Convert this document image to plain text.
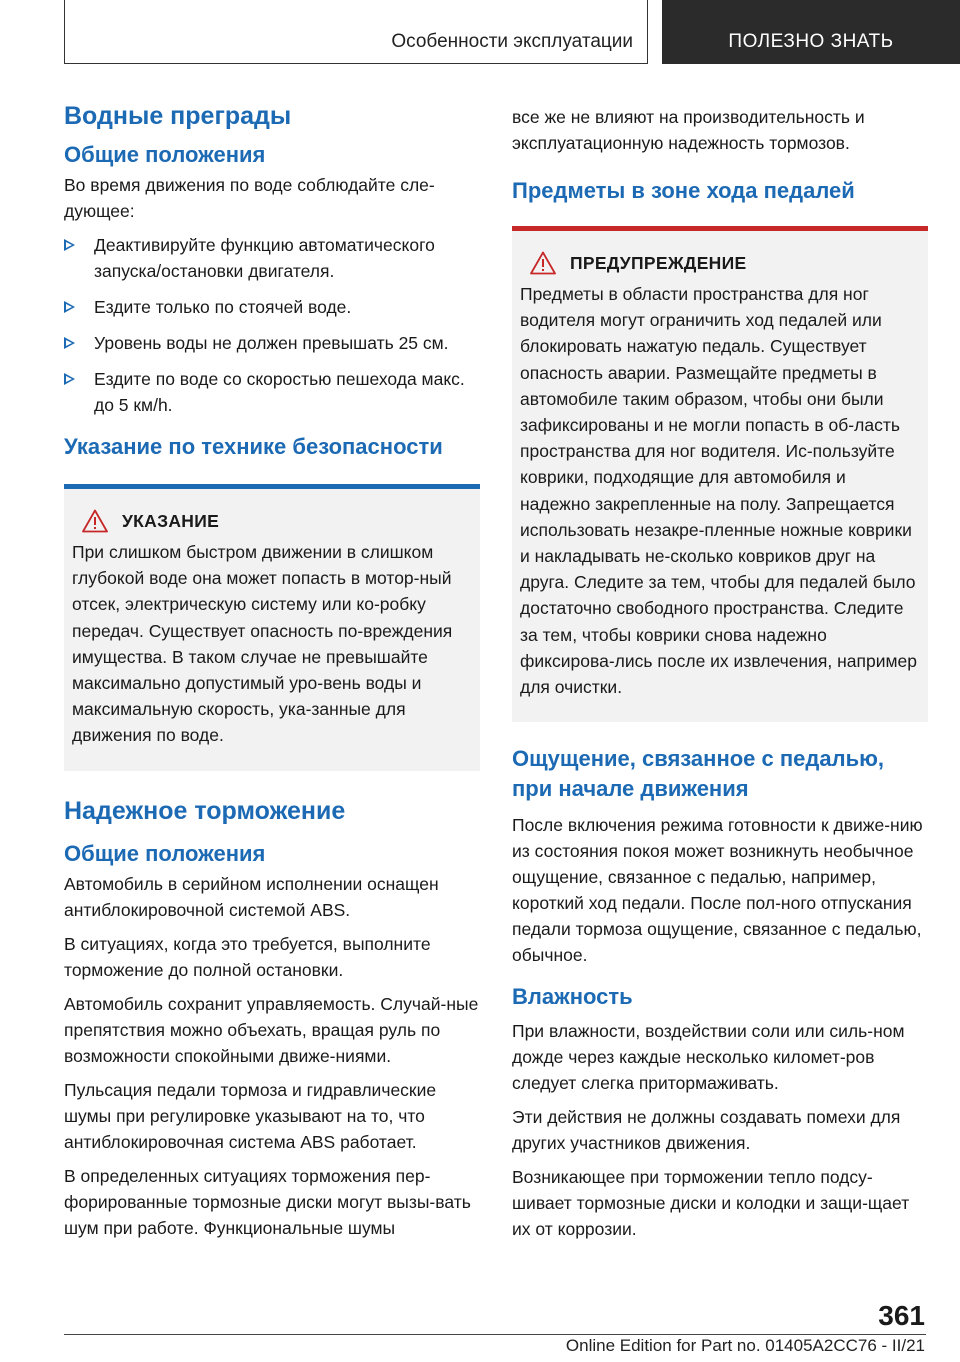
Особенности эксплуатации	ПОЛЕЗНО ЗНАТЬ
Водные преграды
Общие положения

Во время движения по воде соблюдайте сле-дующее:

Деактивируйте функцию автоматического запуска/остановки двигателя.
Ездите только по стоячей воде.
Уровень воды не должен превышать 25 см.
Ездите по воде со скоростью пешехода макс. до 5 км/h.
Указание по технике безопасности
УКАЗАНИЕ

При слишком быстром движении в слишком глубокой воде она может попасть в мотор-ный отсек, электрическую систему или ко-робку передач. Существует опасность по-вреждения имущества. В таком случае не превышайте максимально допустимый уро-вень воды и максимальную скорость, ука-занные для движения по воде.

Надежное торможение
Общие положения

Автомобиль в серийном исполнении оснащен антиблокировочной системой ABS.

В ситуациях, когда это требуется, выполните торможение до полной остановки.

Автомобиль сохранит управляемость. Случай-ные препятствия можно объехать, вращая руль по возможности спокойными движе-ниями.

Пульсация педали тормоза и гидравлические шумы при регулировке указывают на то, что антиблокировочная система ABS работает.

В определенных ситуациях торможения пер-форированные тормозные диски могут вызы-вать шум при работе. Функциональные шумы

все же не влияют на производительность и эксплуатационную надежность тормозов.

Предметы в зоне хода педалей
ПРЕДУПРЕЖДЕНИЕ

Предметы в области пространства для ног водителя могут ограничить ход педалей или блокировать нажатую педаль. Существует опасность аварии. Размещайте предметы в автомобиле таким образом, чтобы они были зафиксированы и не могли попасть в об-ласть пространства для ног водителя. Ис-пользуйте коврики, подходящие для автомобиля и надежно закрепленные на полу. Запрещается использовать незакре-пленные ножные коврики и накладывать не-сколько ковриков друг на друга. Следите за тем, чтобы для педалей было достаточно свободного пространства. Следите за тем, чтобы коврики снова надежно фиксирова-лись после их извлечения, например для очистки.

Ощущение, связанное с педалью, при начале движения

После включения режима готовности к движе-нию из состояния покоя может возникнуть необычное ощущение, связанное с педалью, например, короткий ход педали. После пол-ного отпускания педали тормоза ощущение, связанное с педалью, обычное.

Влажность

При влажности, воздействии соли или силь-ном дожде через каждые несколько километ-ров следует слегка притормаживать.

Эти действия не должны создавать помехи для других участников движения.

Возникающее при торможении тепло подсу-шивает тормозные диски и колодки и защи-щает их от коррозии.

361
Online Edition for Part no. 01405A2CC76 - II/21
